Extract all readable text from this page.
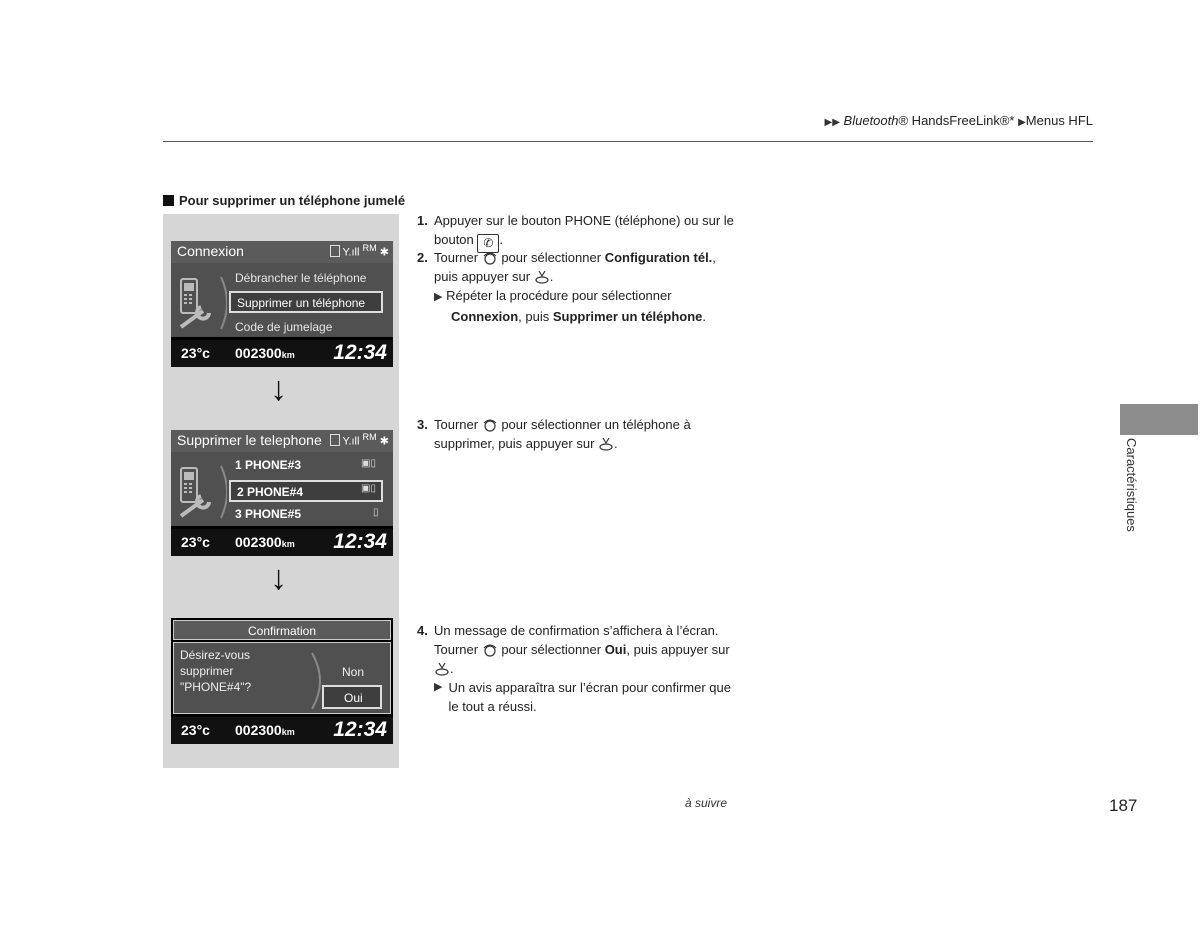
▶▶ Bluetooth® HandsFreeLink®* ▶Menus HFL
Pour supprimer un téléphone jumelé
Connexion	Y.ıll $^{RM}$ ✱
Débrancher le téléphone
Supprimer un téléphone
Code de jumelage
23°c 002300km 12:34
Supprimer le telephone	Y.ıll $^{RM}$ ✱
1 PHONE#3	▣▯
2 PHONE#4	▣▯
3 PHONE#5	▯
23°c 002300km 12:34
Confirmation
Désirez-vous
supprimer
"PHONE#4"?
Non
Oui
23°c 002300km 12:34
↓
↓
1. Appuyer sur le bouton PHONE (téléphone) ou sur le bouton ✆ .
2. Tourner pour sélectionner Configuration tél., puis appuyer sur .
▶ Répéter la procédure pour sélectionner
Connexion, puis Supprimer un téléphone.
3. Tourner pour sélectionner un téléphone à supprimer, puis appuyer sur .
4. Un message de confirmation s’affichera à l’écran. Tourner pour sélectionner Oui, puis appuyer sur .
▶ Un avis apparaîtra sur l’écran pour confirmer que le tout a réussi.
Caractéristiques
à suivre	187
